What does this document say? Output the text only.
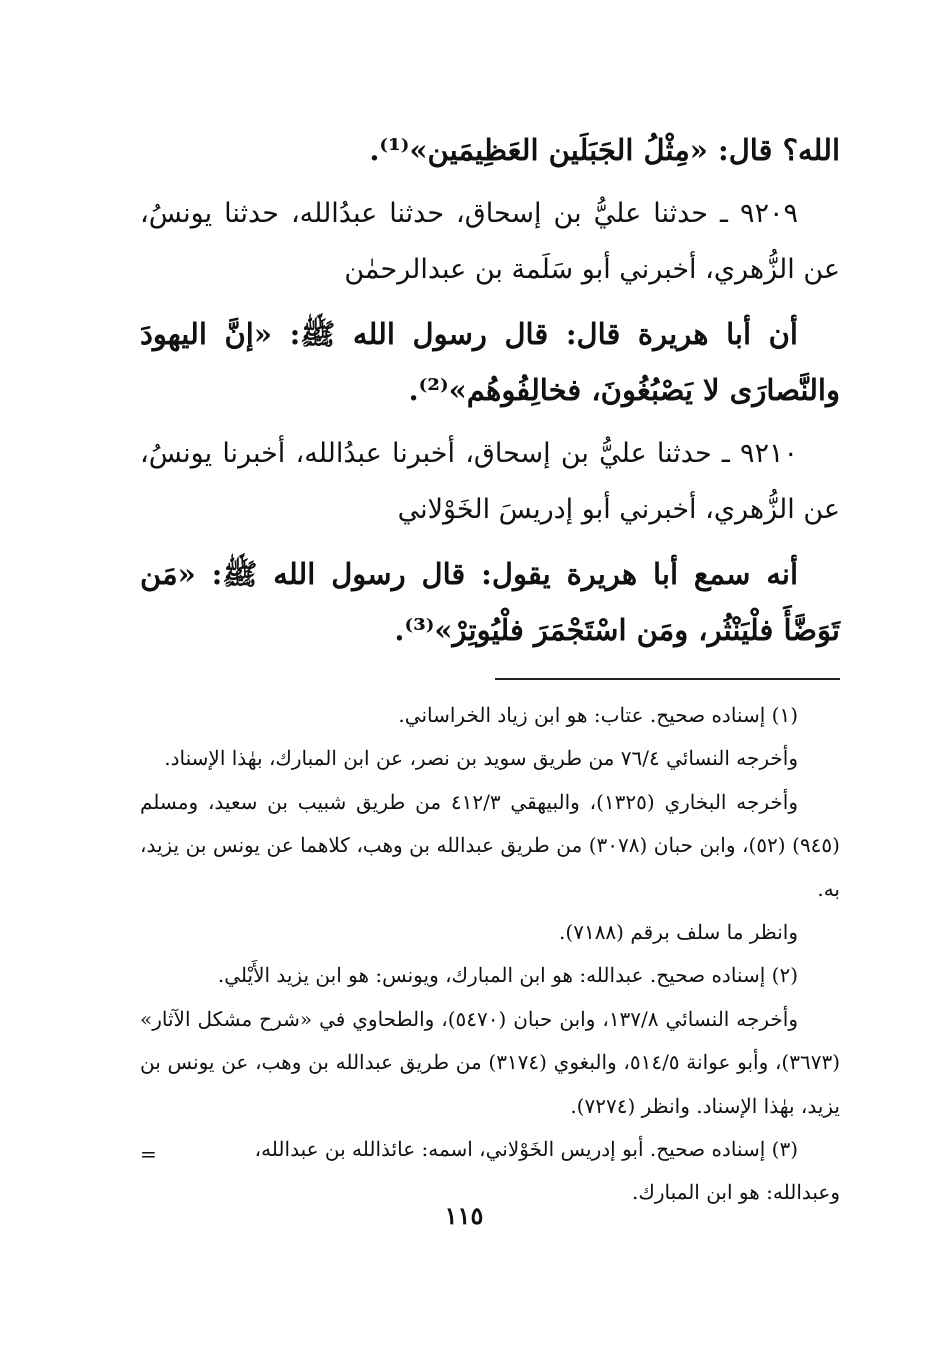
الله؟ قال: «مِثْلُ الجَبَلَين العَظِيمَين»⁽¹⁾.

٩٢٠٩ ـ حدثنا عليُّ بن إسحاق، حدثنا عبدُالله، حدثنا يونسُ، عن الزُّهري، أخبرني أبو سَلَمة بن عبدالرحمٰن

أن أبا هريرة قال: قال رسول الله ﷺ: «إنَّ اليهودَ والنَّصارَى لا يَصْبُغُونَ، فخالِفُوهُم»⁽²⁾.

٩٢١٠ ـ حدثنا عليُّ بن إسحاق، أخبرنا عبدُالله، أخبرنا يونسُ، عن الزُّهري، أخبرني أبو إدريسَ الخَوْلاني

أنه سمع أبا هريرة يقول: قال رسول الله ﷺ: «مَن تَوَضَّأَ فلْيَنْثُر، ومَن اسْتَجْمَرَ فلْيُوتِرْ»⁽³⁾.

(١) إسناده صحيح. عتاب: هو ابن زياد الخراساني.

وأخرجه النسائي ٧٦/٤ من طريق سويد بن نصر، عن ابن المبارك، بهٰذا الإسناد.

وأخرجه البخاري (١٣٢٥)، والبيهقي ٤١٢/٣ من طريق شبيب بن سعيد، ومسلم (٩٤٥) (٥٢)، وابن حبان (٣٠٧٨) من طريق عبدالله بن وهب، كلاهما عن يونس بن يزيد، به.

وانظر ما سلف برقم (٧١٨٨).

(٢) إسناده صحيح. عبدالله: هو ابن المبارك، ويونس: هو ابن يزيد الأَيْلي.

وأخرجه النسائي ١٣٧/٨، وابن حبان (٥٤٧٠)، والطحاوي في «شرح مشكل الآثار» (٣٦٧٣)، وأبو عوانة ٥١٤/٥، والبغوي (٣١٧٤) من طريق عبدالله بن وهب، عن يونس بن يزيد، بهٰذا الإسناد. وانظر (٧٢٧٤).

(٣) إسناده صحيح. أبو إدريس الخَوْلاني، اسمه: عائذالله بن عبدالله،

وعبدالله: هو ابن المبارك.
=

١١٥
